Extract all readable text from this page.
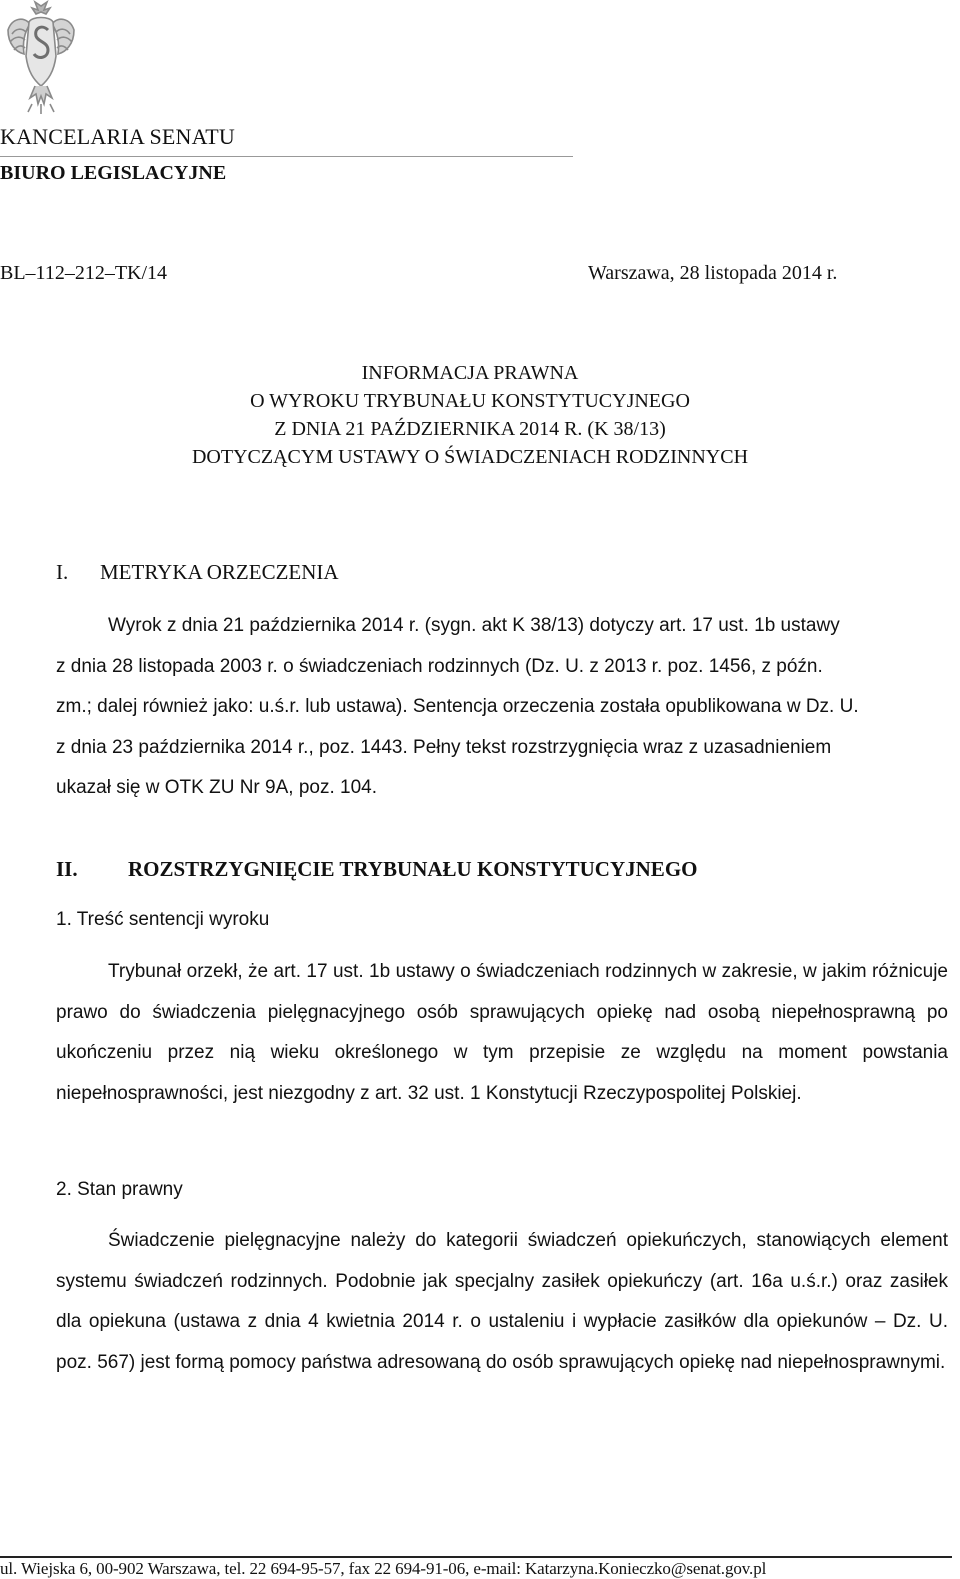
KANCELARIA SENATU
BIURO LEGISLACYJNE
BL–112–212–TK/14	Warszawa, 28 listopada 2014 r.
INFORMACJA PRAWNA
O WYROKU TRYBUNAŁU KONSTYTUCYJNEGO
Z DNIA 21 PAŹDZIERNIKA 2014 R. (K 38/13)
DOTYCZĄCYM USTAWY O ŚWIADCZENIACH RODZINNYCH
I. METRYKA ORZECZENIA
Wyrok z dnia 21 października 2014 r. (sygn. akt K 38/13) dotyczy art. 17 ust. 1b ustawy
z dnia 28 listopada 2003 r. o świadczeniach rodzinnych (Dz. U. z 2013 r. poz. 1456, z późn.
zm.; dalej również jako: u.ś.r. lub ustawa). Sentencja orzeczenia została opublikowana w Dz. U.
z dnia 23 października 2014 r., poz. 1443. Pełny tekst rozstrzygnięcia wraz z uzasadnieniem
ukazał się w OTK ZU Nr 9A, poz. 104.
II. ROZSTRZYGNIĘCIE TRYBUNAŁU KONSTYTUCYJNEGO
1. Treść sentencji wyroku
Trybunał orzekł, że art. 17 ust. 1b ustawy o świadczeniach rodzinnych w zakresie, w jakim różnicuje prawo do świadczenia pielęgnacyjnego osób sprawujących opiekę nad osobą niepełnosprawną po ukończeniu przez nią wieku określonego w tym przepisie ze względu na moment powstania niepełnosprawności, jest niezgodny z art. 32 ust. 1 Konstytucji Rzeczypospolitej Polskiej.
2. Stan prawny
Świadczenie pielęgnacyjne należy do kategorii świadczeń opiekuńczych, stanowiących element systemu świadczeń rodzinnych. Podobnie jak specjalny zasiłek opiekuńczy (art. 16a u.ś.r.) oraz zasiłek dla opiekuna (ustawa z dnia 4 kwietnia 2014 r. o ustaleniu i wypłacie zasiłków dla opiekunów – Dz. U. poz. 567) jest formą pomocy państwa adresowaną do osób sprawujących opiekę nad niepełnosprawnymi.
ul. Wiejska 6, 00-902 Warszawa, tel. 22 694-95-57, fax 22 694-91-06, e-mail: Katarzyna.Konieczko@senat.gov.pl
